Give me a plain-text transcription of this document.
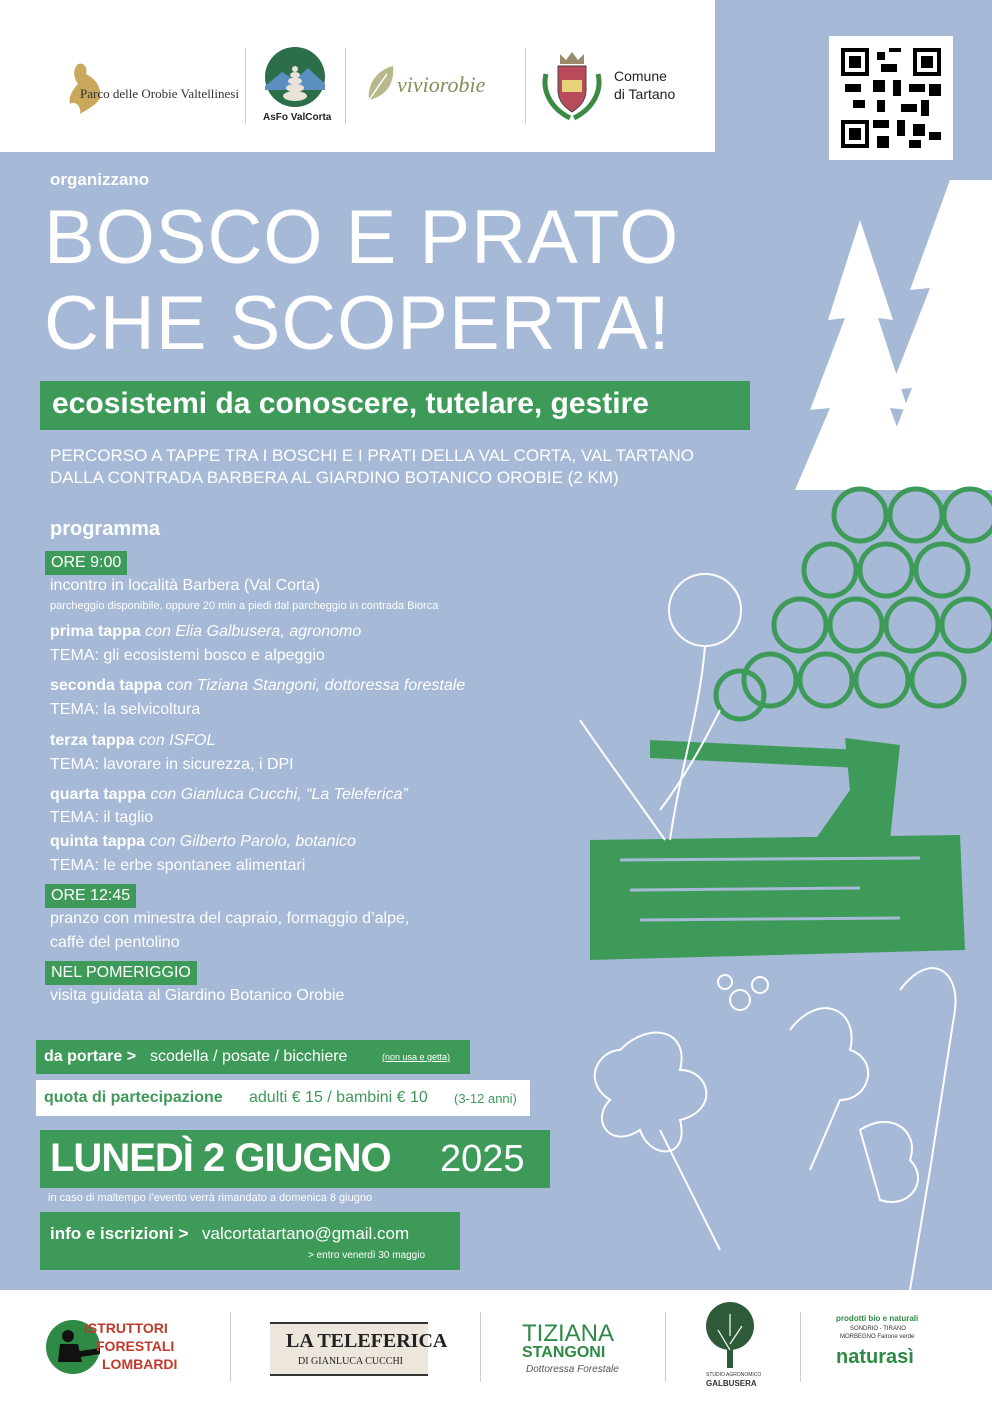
Parco delle Orobie Valtellinesi
AsFo ValCorta
viviorobie	Comune
di Tartano
organizzano
BOSCO E PRATO
CHE SCOPERTA!
ecosistemi da conoscere, tutelare, gestire
PERCORSO A TAPPE TRA I BOSCHI E I PRATI DELLA VAL CORTA, VAL TARTANO
DALLA CONTRADA BARBERA AL GIARDINO BOTANICO OROBIE (2 KM)
programma
ORE 9:00
incontro in località Barbera (Val Corta)
parcheggio disponibile, oppure 20 min a piedi dal parcheggio in contrada Biorca
prima tappa con Elia Galbusera, agronomo
TEMA: gli ecosistemi bosco e alpeggio
seconda tappa con Tiziana Stangoni, dottoressa forestale
TEMA: la selvicoltura
terza tappa con ISFOL
TEMA: lavorare in sicurezza, i DPI
quarta tappa con Gianluca Cucchi, “La Teleferica”
TEMA: il taglio
quinta tappa con Gilberto Parolo, botanico
TEMA: le erbe spontanee alimentari
ORE 12:45
pranzo con minestra del capraio, formaggio d’alpe,
caffè del pentolino
NEL POMERIGGIO
visita guidata al Giardino Botanico Orobie
da portare > scodella / posate / bicchiere	(non usa e getta)
quota di partecipazione adulti € 15 / bambini € 10 (3-12 anni)
LUNEDÌ 2 GIUGNO 2025
in caso di maltempo l’evento verrà rimandato a domenica 8 giugno
info e iscrizioni > valcortatartano@gmail.com
> entro venerdì 30 maggio
ISTRUTTORI
FORESTALI
LOMBARDI
LA TELEFERICA
DI GIANLUCA CUCCHI
TIZIANA
STANGONI
Dottoressa Forestale	STUDIO AGRONOMICO
GALBUSERA
prodotti bio e naturali
SONDRIO - TIRANO
MORBEGNO Fairone verde
naturasì
